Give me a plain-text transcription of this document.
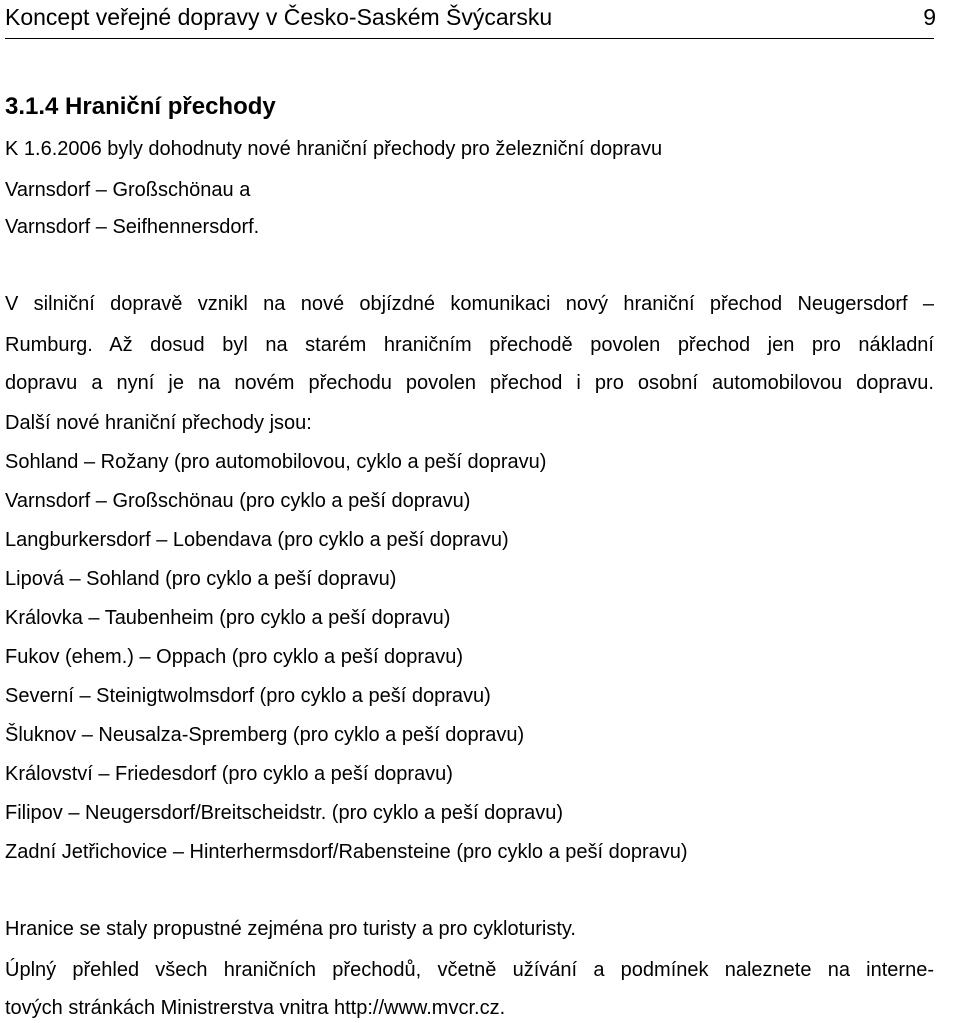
Koncept veřejné dopravy v Česko-Saském Švýcarsku	9
3.1.4 Hraniční přechody
K 1.6.2006 byly dohodnuty nové hraniční přechody pro železniční dopravu
Varnsdorf – Großschönau a
Varnsdorf – Seifhennersdorf.
V silniční dopravě vznikl na nové objízdné komunikaci nový hraniční přechod Neugersdorf –
Rumburg. Až dosud byl na starém hraničním přechodě povolen přechod jen pro nákladní
dopravu a nyní je na novém přechodu povolen přechod i pro osobní automobilovou dopravu.
Další nové hraniční přechody jsou:
Sohland – Rožany (pro automobilovou, cyklo a peší dopravu)
Varnsdorf – Großschönau (pro cyklo a peší dopravu)
Langburkersdorf – Lobendava (pro cyklo a peší dopravu)
Lipová – Sohland (pro cyklo a peší dopravu)
Královka – Taubenheim (pro cyklo a peší dopravu)
Fukov (ehem.) – Oppach (pro cyklo a peší dopravu)
Severní – Steinigtwolmsdorf (pro cyklo a peší dopravu)
Šluknov – Neusalza-Spremberg (pro cyklo a peší dopravu)
Království – Friedesdorf (pro cyklo a peší dopravu)
Filipov – Neugersdorf/Breitscheidstr. (pro cyklo a peší dopravu)
Zadní Jetřichovice – Hinterhermsdorf/Rabensteine (pro cyklo a peší dopravu)
Hranice se staly propustné zejména pro turisty a pro cykloturisty.
Úplný přehled všech hraničních přechodů, včetně užívání a podmínek naleznete na interne-
tových stránkách Ministrerstva vnitra http://www.mvcr.cz.
